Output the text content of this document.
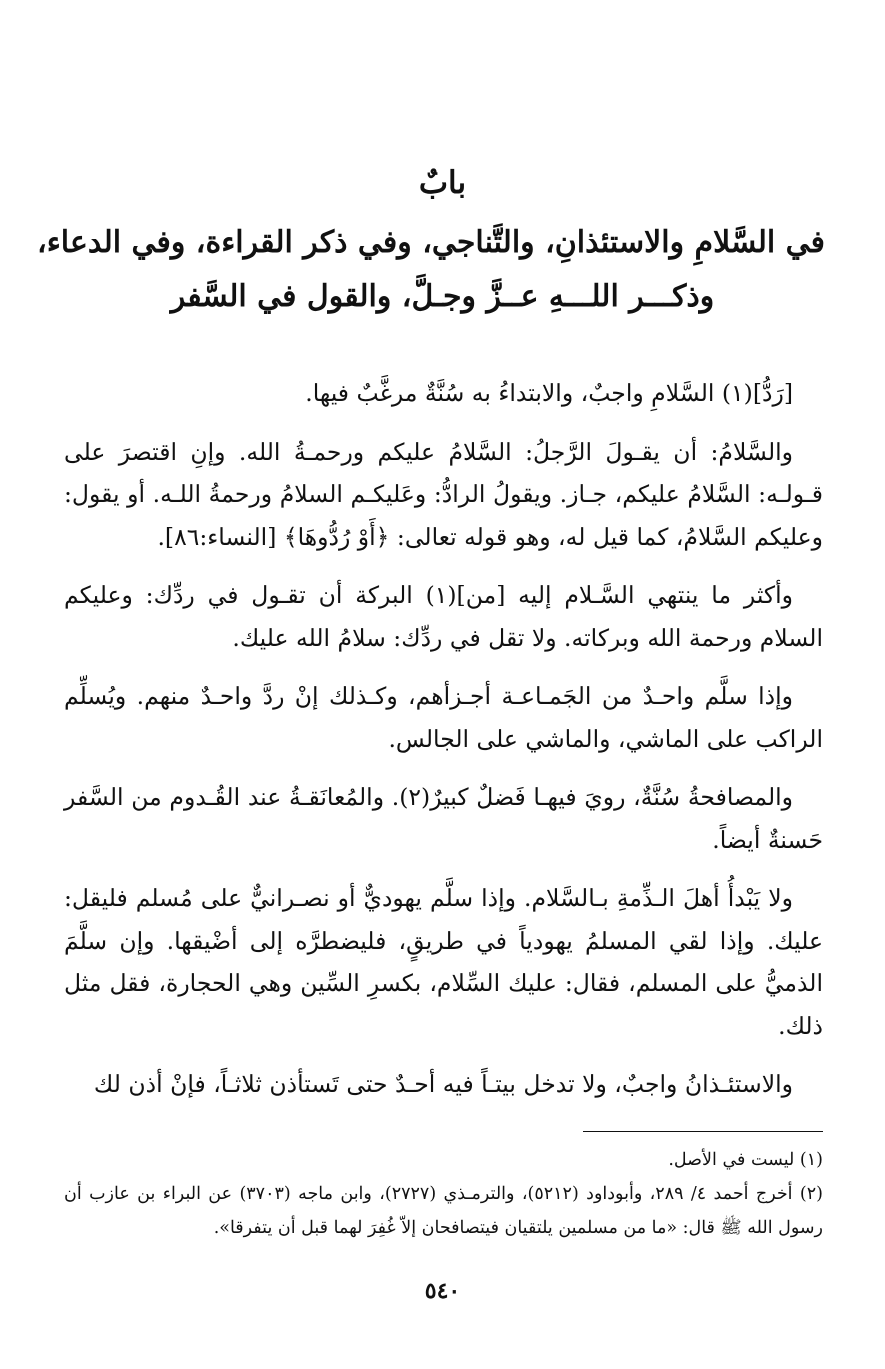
بابٌ
في السَّلامِ والاستئذانِ، والتَّناجي، وفي ذكر القراءة، وفي الدعاء،
وذكـــر اللـــهِ عــزَّ وجـلَّ، والقول في السَّفر

[رَدُّ](١) السَّلامِ واجبٌ، والابتداءُ به سُنَّةٌ مرغَّبٌ فيها.

والسَّلامُ: أن يقـولَ الرَّجلُ: السَّلامُ عليكم ورحمـةُ الله. وإنِ اقتصرَ على قـولـه: السَّلامُ عليكم، جـاز. ويقولُ الرادُّ: وعَليكـم السلامُ ورحمةُ اللـه. أو يقول: وعليكم السَّلامُ، كما قيل له، وهو قوله تعالى: ﴿أَوْ رُدُّوهَا﴾ [النساء:٨٦].

وأكثر ما ينتهي السَّـلام إليه [من](١) البركة أن تقـول في ردِّك: وعليكم السلام ورحمة الله وبركاته. ولا تقل في ردِّك: سلامُ الله عليك.

وإذا سلَّم واحـدٌ من الجَمـاعـة أجـزأهم، وكـذلك إنْ ردَّ واحـدٌ منهم. ويُسلِّم الراكب على الماشي، والماشي على الجالس.

والمصافحةُ سُنَّةٌ، رويَ فيهـا فَضلٌ كبيرٌ(٢). والمُعانَقـةُ عند القُـدوم من السَّفر حَسنةٌ أيضاً.

ولا يَبْدأُ أهلَ الـذِّمةِ بـالسَّلام. وإذا سلَّم يهوديٌّ أو نصـرانيٌّ على مُسلم فليقل: عليك. وإذا لقي المسلمُ يهودياً في طريقٍ، فليضطرَّه إلى أضْيقها. وإن سلَّمَ الذميُّ على المسلم، فقال: عليك السِّلام، بكسرِ السِّين وهي الحجارة، فقل مثل ذلك.

والاستئـذانُ واجبٌ، ولا تدخل بيتـاً فيه أحـدٌ حتى تَستأذن ثلاثـاً، فإنْ أذن لك

(١) ليست في الأصل.

(٢) أخرج أحمد ٤/ ٢٨٩، وأبوداود (٥٢١٢)، والترمـذي (٢٧٢٧)، وابن ماجه (٣٧٠٣) عن البراء بن عازب أن رسول الله ﷺ قال: «ما من مسلمين يلتقيان فيتصافحان إلاّ غُفِرَ لهما قبل أن يتفرقا».

٥٤٠
